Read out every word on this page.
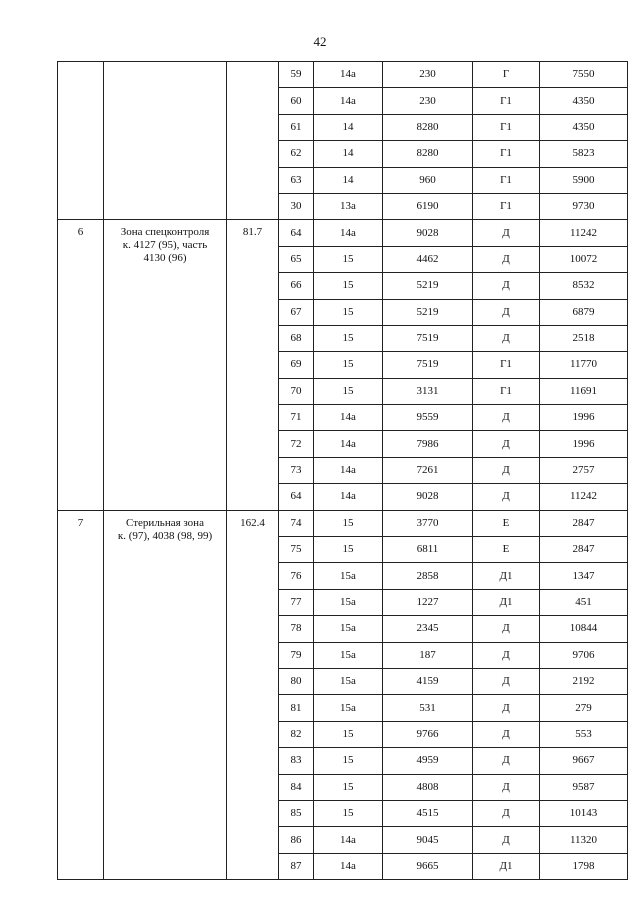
42
			59	14а	230	Г	7550
			60	14а	230	Г1	4350
			61	14	8280	Г1	4350
			62	14	8280	Г1	5823
			63	14	960	Г1	5900
			30	13а	6190	Г1	9730
6	Зона спецконтроля
к. 4127 (95), часть
4130 (96)	81.7	64	14а	9028	Д	11242
			65	15	4462	Д	10072
			66	15	5219	Д	8532
			67	15	5219	Д	6879
			68	15	7519	Д	2518
			69	15	7519	Г1	11770
			70	15	3131	Г1	11691
			71	14а	9559	Д	1996
			72	14а	7986	Д	1996
			73	14а	7261	Д	2757
			64	14а	9028	Д	11242
7	Стерильная зона
к. (97), 4038 (98, 99)	162.4	74	15	3770	Е	2847
			75	15	6811	Е	2847
			76	15а	2858	Д1	1347
			77	15а	1227	Д1	451
			78	15а	2345	Д	10844
			79	15а	187	Д	9706
			80	15а	4159	Д	2192
			81	15а	531	Д	279
			82	15	9766	Д	553
			83	15	4959	Д	9667
			84	15	4808	Д	9587
			85	15	4515	Д	10143
			86	14а	9045	Д	11320
			87	14а	9665	Д1	1798
